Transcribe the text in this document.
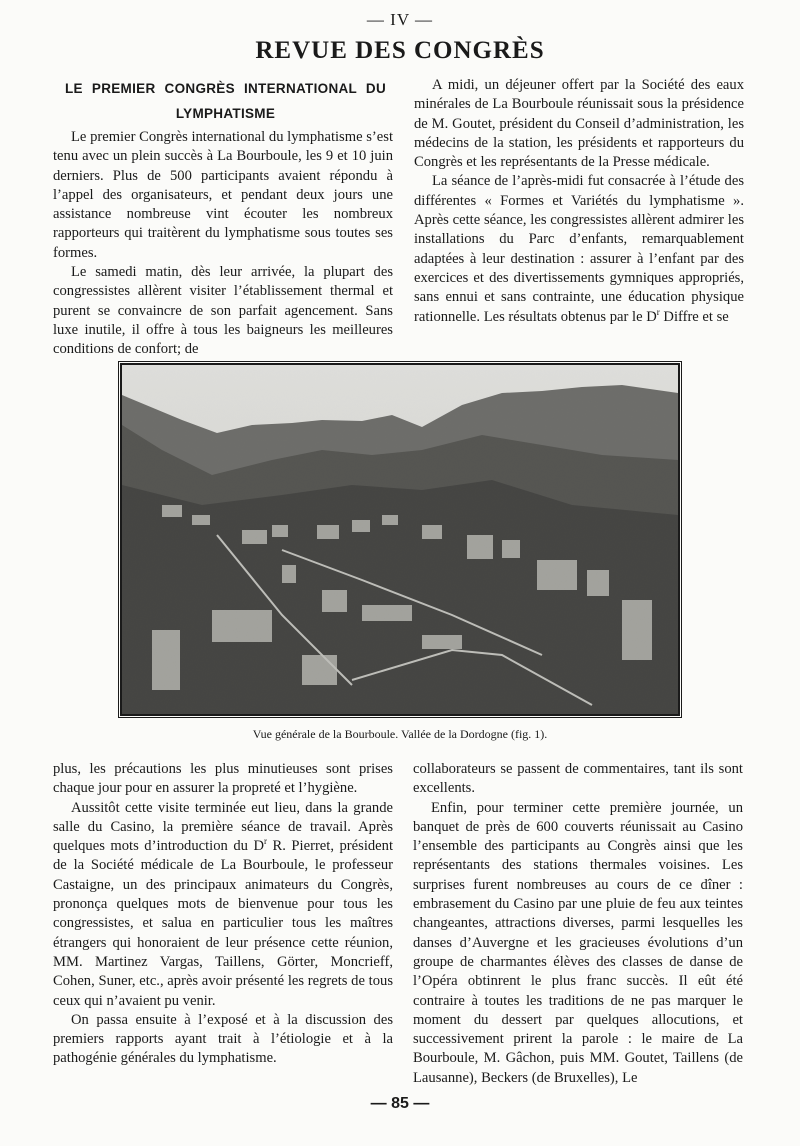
— IV —
REVUE DES CONGRÈS
LE PREMIER CONGRÈS INTERNATIONAL DU
LYMPHATISME

Le premier Congrès international du lymphatisme s’est tenu avec un plein succès à La Bourboule, les 9 et 10 juin derniers. Plus de 500 participants avaient répondu à l’appel des organisateurs, et pendant deux jours une assistance nombreuse vint écouter les nombreux rapporteurs qui traitèrent du lymphatisme sous toutes ses formes.

Le samedi matin, dès leur arrivée, la plupart des congressistes allèrent visiter l’établissement thermal et purent se convaincre de son parfait agencement. Sans luxe inutile, il offre à tous les baigneurs les meilleures conditions de confort; de

A midi, un déjeuner offert par la Société des eaux minérales de La Bourboule réunissait sous la présidence de M. Goutet, président du Conseil d’administration, les médecins de la station, les présidents et rapporteurs du Congrès et les représentants de la Presse médicale.

La séance de l’après-midi fut consacrée à l’étude des différentes « Formes et Variétés du lymphatisme ». Après cette séance, les congressistes allèrent admirer les installations du Parc d’enfants, remarquablement adaptées à leur destination : assurer à l’enfant par des exercices et des divertissements gymniques appropriés, sans ennui et sans contrainte, une éducation physique rationnelle. Les résultats obtenus par le $D^r$ Diffre et se

Vue générale de la Bourboule. Vallée de la Dordogne (fig. 1).

plus, les précautions les plus minutieuses sont prises chaque jour pour en assurer la propreté et l’hygiène.

Aussitôt cette visite terminée eut lieu, dans la grande salle du Casino, la première séance de travail. Après quelques mots d’introduction du $D^r$ R. Pierret, président de la Société médicale de La Bourboule, le professeur Castaigne, un des principaux animateurs du Congrès, prononça quelques mots de bienvenue pour tous les congressistes, et salua en particulier tous les maîtres étrangers qui honoraient de leur présence cette réunion, MM. Martinez Vargas, Taillens, Görter, Moncrieff, Cohen, Suner, etc., après avoir présenté les regrets de tous ceux qui n’avaient pu venir.

On passa ensuite à l’exposé et à la discussion des premiers rapports ayant trait à l’étiologie et à la pathogénie générales du lymphatisme.

collaborateurs se passent de commentaires, tant ils sont excellents.

Enfin, pour terminer cette première journée, un banquet de près de 600 couverts réunissait au Casino l’ensemble des participants au Congrès ainsi que les représentants des stations thermales voisines. Les surprises furent nombreuses au cours de ce dîner : embrasement du Casino par une pluie de feu aux teintes changeantes, attractions diverses, parmi lesquelles les danses d’Auvergne et les gracieuses évolutions d’un groupe de charmantes élèves des classes de danse de l’Opéra obtinrent le plus franc succès. Il eût été contraire à toutes les traditions de ne pas marquer le moment du dessert par quelques allocutions, et successivement prirent la parole : le maire de La Bourboule, M. Gâchon, puis MM. Goutet, Taillens (de Lausanne), Beckers (de Bruxelles), Le

— 85 —
